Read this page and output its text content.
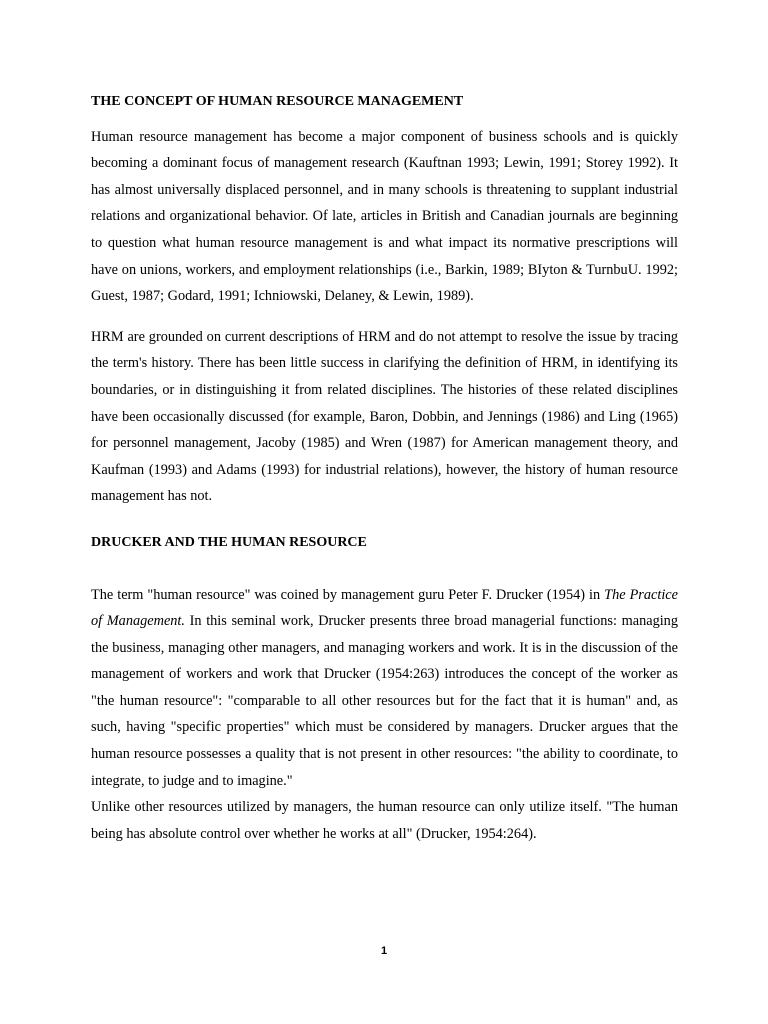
THE CONCEPT OF HUMAN RESOURCE MANAGEMENT

Human resource management has become a major component of business schools and is quickly becoming a dominant focus of management research (Kauftnan 1993; Lewin, 1991; Storey 1992). It has almost universally displaced personnel, and in many schools is threatening to supplant industrial relations and organizational behavior. Of late, articles in British and Canadian journals are beginning to question what human resource management is and what impact its normative prescriptions will have on unions, workers, and employment relationships (i.e., Barkin, 1989; BIyton & TurnbuU. 1992; Guest, 1987; Godard, 1991; Ichniowski, Delaney, & Lewin, 1989).

HRM are grounded on current descriptions of HRM and do not attempt to resolve the issue by tracing the term's history. There has been little success in clarifying the definition of HRM, in identifying its boundaries, or in distinguishing it from related disciplines. The histories of these related disciplines have been occasionally discussed (for example, Baron, Dobbin, and Jennings (1986) and Ling (1965) for personnel management, Jacoby (1985) and Wren (1987) for American management theory, and Kaufman (1993) and Adams (1993) for industrial relations), however, the history of human resource management has not.

DRUCKER AND THE HUMAN RESOURCE

The term "human resource" was coined by management guru Peter F. Drucker (1954) in The Practice of Management. In this seminal work, Drucker presents three broad managerial functions: managing the business, managing other managers, and managing workers and work. It is in the discussion of the management of workers and work that Drucker (1954:263) introduces the concept of the worker as "the human resource": "comparable to all other resources but for the fact that it is human" and, as such, having "specific properties" which must be considered by managers. Drucker argues that the human resource possesses a quality that is not present in other resources: "the ability to coordinate, to integrate, to judge and to imagine."

Unlike other resources utilized by managers, the human resource can only utilize itself. "The human being has absolute control over whether he works at all" (Drucker, 1954:264).

1
